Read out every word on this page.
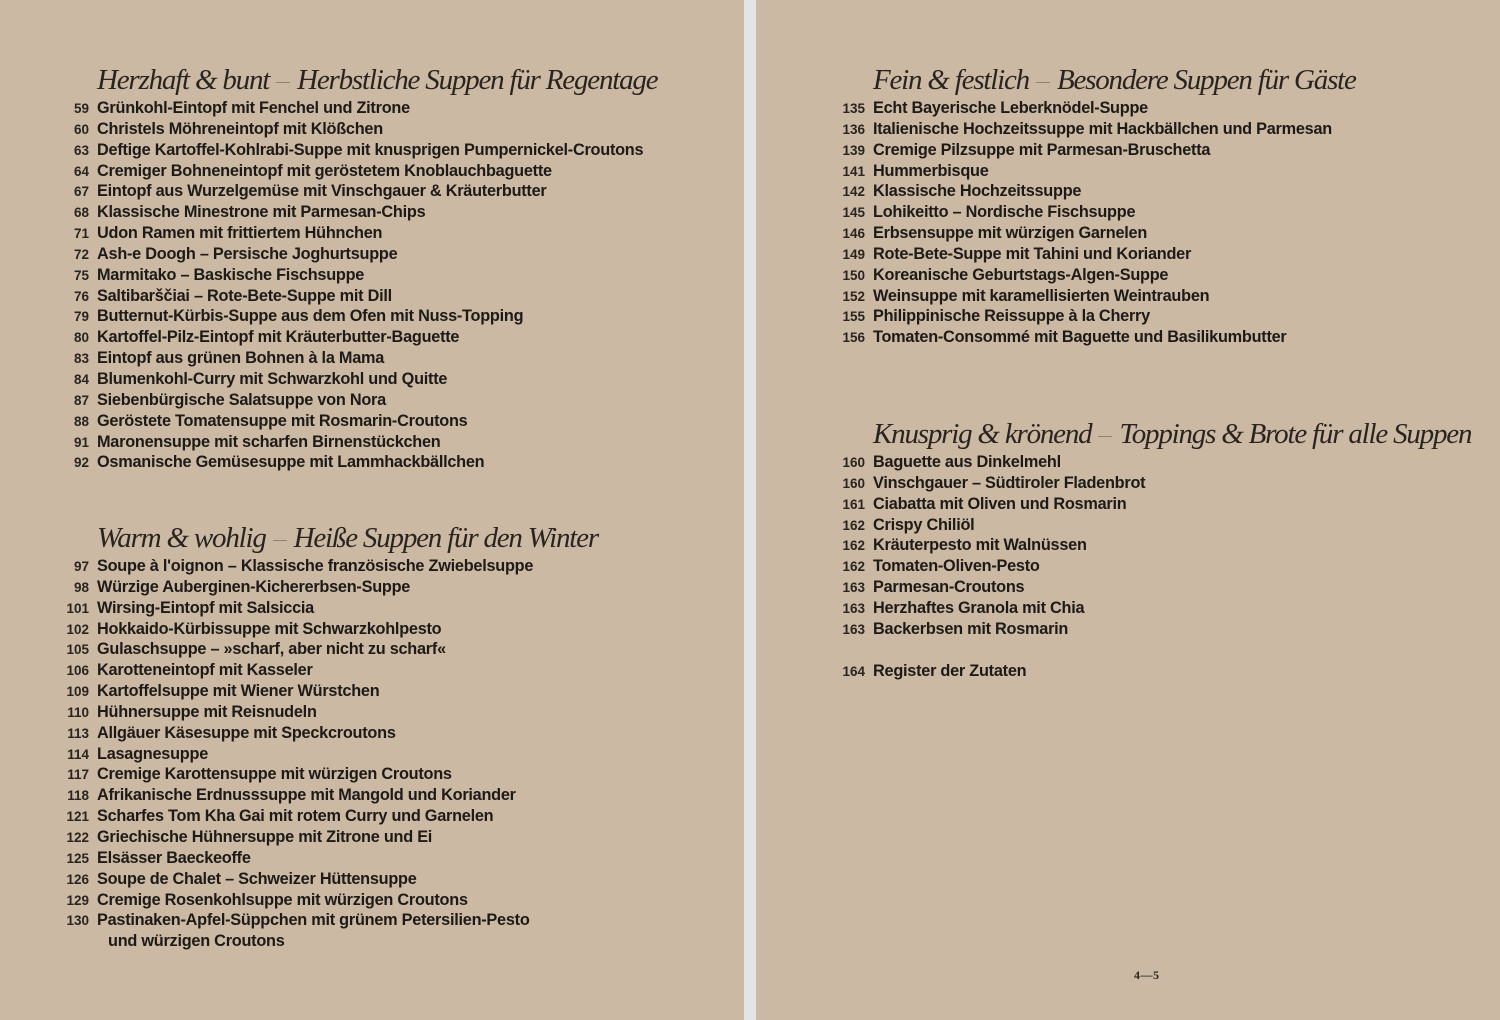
Herzhaft & bunt Herbstliche Suppen für Regentage
59 Grünkohl-Eintopf mit Fenchel und Zitrone
60 Christels Möhreneintopf mit Klößchen
63 Deftige Kartoffel-Kohlrabi-Suppe mit knusprigen Pumpernickel-Croutons
64 Cremiger Bohneneintopf mit geröstetem Knoblauchbaguette
67 Eintopf aus Wurzelgemüse mit Vinschgauer & Kräuterbutter
68 Klassische Minestrone mit Parmesan-Chips
71 Udon Ramen mit frittiertem Hühnchen
72 Ash-e Doogh – Persische Joghurtsuppe
75 Marmitako – Baskische Fischsuppe
76 Saltibarščiai – Rote-Bete-Suppe mit Dill
79 Butternut-Kürbis-Suppe aus dem Ofen mit Nuss-Topping
80 Kartoffel-Pilz-Eintopf mit Kräuterbutter-Baguette
83 Eintopf aus grünen Bohnen à la Mama
84 Blumenkohl-Curry mit Schwarzkohl und Quitte
87 Siebenbürgische Salatsuppe von Nora
88 Geröstete Tomatensuppe mit Rosmarin-Croutons
91 Maronensuppe mit scharfen Birnenstückchen
92 Osmanische Gemüsesuppe mit Lammhackbällchen
Warm & wohlig Heiße Suppen für den Winter
97 Soupe à l'oignon – Klassische französische Zwiebelsuppe
98 Würzige Auberginen-Kichererbsen-Suppe
101 Wirsing-Eintopf mit Salsiccia
102 Hokkaido-Kürbissuppe mit Schwarzkohlpesto
105 Gulaschsuppe – »scharf, aber nicht zu scharf«
106 Karotteneintopf mit Kasseler
109 Kartoffelsuppe mit Wiener Würstchen
110 Hühnersuppe mit Reisnudeln
113 Allgäuer Käsesuppe mit Speckcroutons
114 Lasagnesuppe
117 Cremige Karottensuppe mit würzigen Croutons
118 Afrikanische Erdnusssuppe mit Mangold und Koriander
121 Scharfes Tom Kha Gai mit rotem Curry und Garnelen
122 Griechische Hühnersuppe mit Zitrone und Ei
125 Elsässer Baeckeoffe
126 Soupe de Chalet – Schweizer Hüttensuppe
129 Cremige Rosenkohlsuppe mit würzigen Croutons
130 Pastinaken-Apfel-Süppchen mit grünem Petersilien-Pesto
und würzigen Croutons
Fein & festlich Besondere Suppen für Gäste
135 Echt Bayerische Leberknödel-Suppe
136 Italienische Hochzeitssuppe mit Hackbällchen und Parmesan
139 Cremige Pilzsuppe mit Parmesan-Bruschetta
141 Hummerbisque
142 Klassische Hochzeitssuppe
145 Lohikeitto – Nordische Fischsuppe
146 Erbsensuppe mit würzigen Garnelen
149 Rote-Bete-Suppe mit Tahini und Koriander
150 Koreanische Geburtstags-Algen-Suppe
152 Weinsuppe mit karamellisierten Weintrauben
155 Philippinische Reissuppe à la Cherry
156 Tomaten-Consommé mit Baguette und Basilikumbutter
Knusprig & krönend Toppings & Brote für alle Suppen
160 Baguette aus Dinkelmehl
160 Vinschgauer – Südtiroler Fladenbrot
161 Ciabatta mit Oliven und Rosmarin
162 Crispy Chiliöl
162 Kräuterpesto mit Walnüssen
162 Tomaten-Oliven-Pesto
163 Parmesan-Croutons
163 Herzhaftes Granola mit Chia
163 Backerbsen mit Rosmarin
164 Register der Zutaten
4—5
